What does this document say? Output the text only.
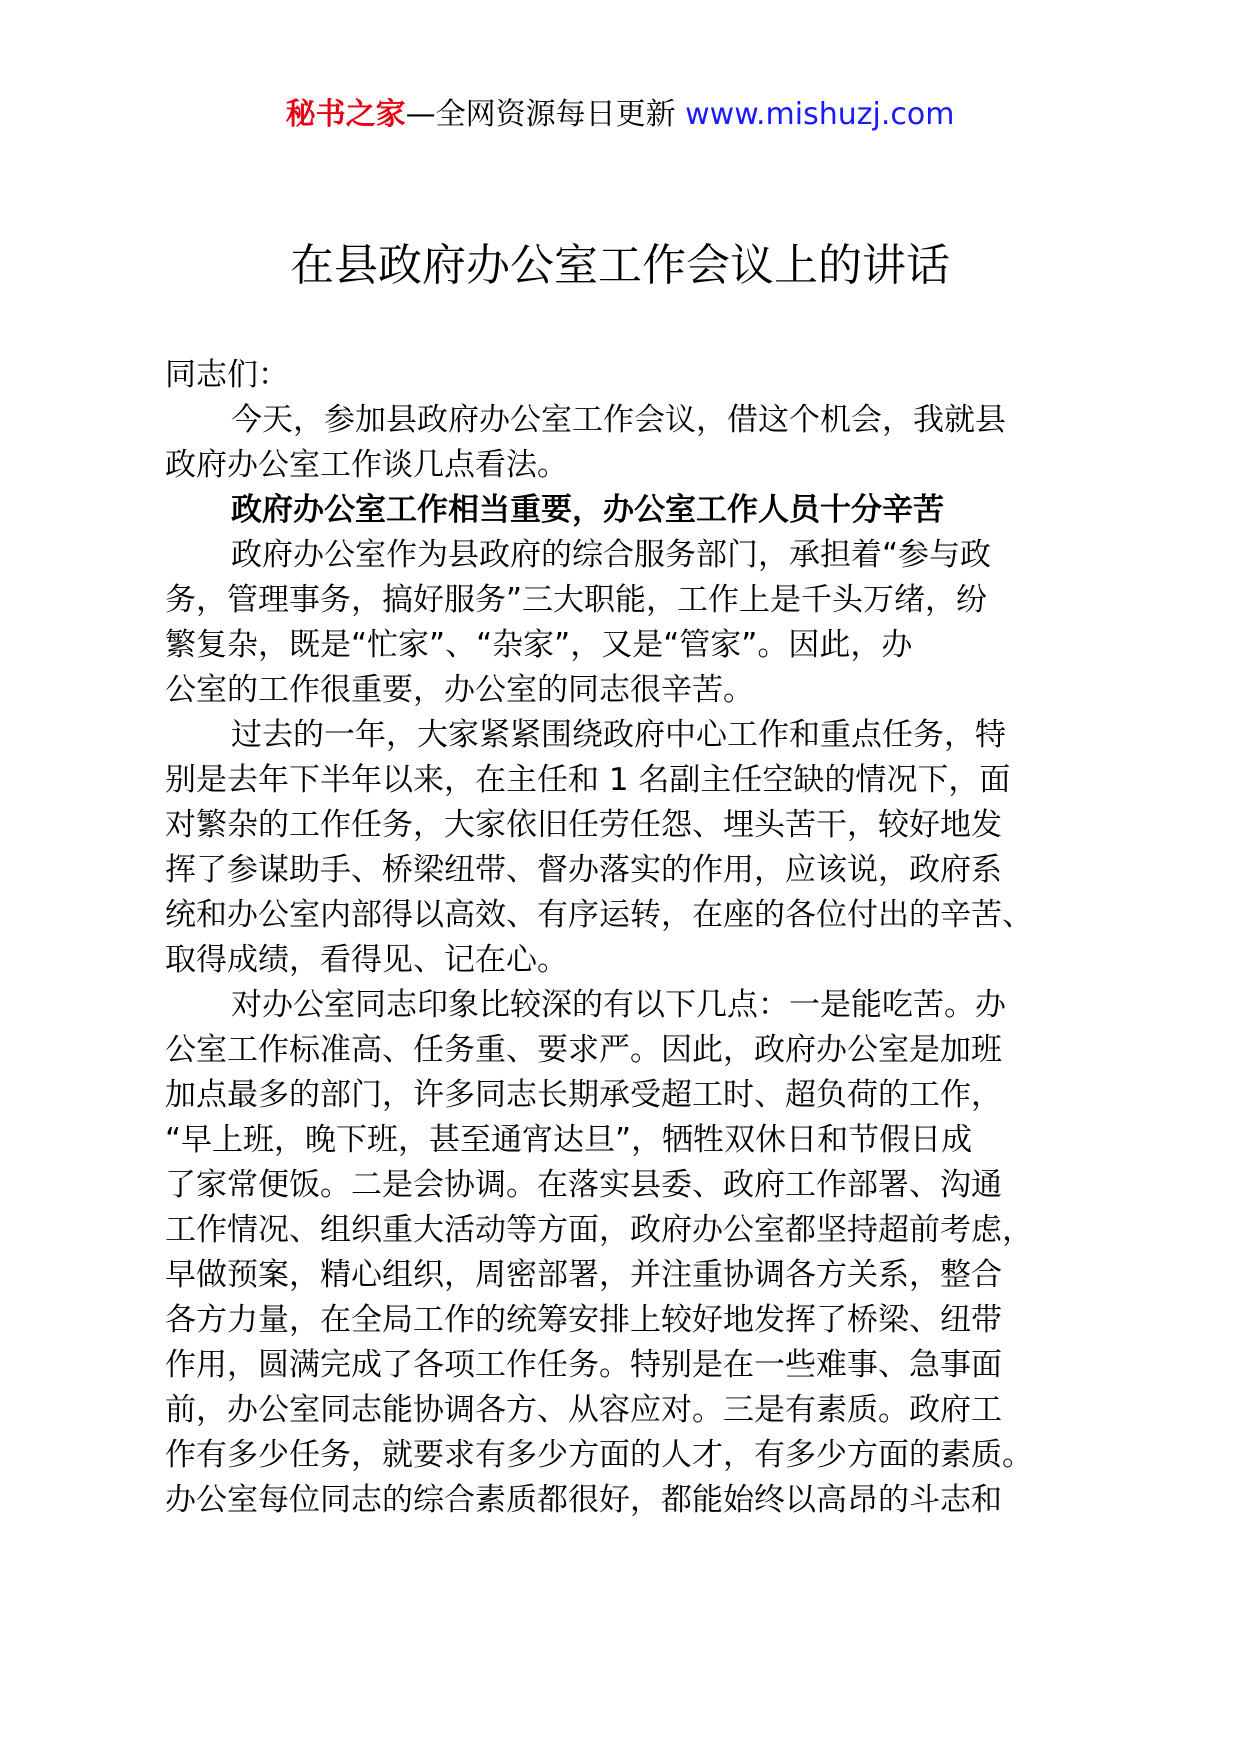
秘书之家—全网资源每日更新 www.mishuzj.com
在县政府办公室工作会议上的讲话
同志们：
今天，参加县政府办公室工作会议，借这个机会，我就县
政府办公室工作谈几点看法。
政府办公室工作相当重要，办公室工作人员十分辛苦
政府办公室作为县政府的综合服务部门，承担着“参与政
务，管理事务，搞好服务”三大职能，工作上是千头万绪，纷
繁复杂，既是“忙家”、“杂家”，又是“管家”。因此，办
公室的工作很重要，办公室的同志很辛苦。
过去的一年，大家紧紧围绕政府中心工作和重点任务，特
别是去年下半年以来，在主任和 1 名副主任空缺的情况下，面
对繁杂的工作任务，大家依旧任劳任怨、埋头苦干，较好地发
挥了参谋助手、桥梁纽带、督办落实的作用，应该说，政府系
统和办公室内部得以高效、有序运转，在座的各位付出的辛苦、
取得成绩，看得见、记在心。
对办公室同志印象比较深的有以下几点：一是能吃苦。办
公室工作标准高、任务重、要求严。因此，政府办公室是加班
加点最多的部门，许多同志长期承受超工时、超负荷的工作，
“早上班，晚下班，甚至通宵达旦”，牺牲双休日和节假日成
了家常便饭。二是会协调。在落实县委、政府工作部署、沟通
工作情况、组织重大活动等方面，政府办公室都坚持超前考虑，
早做预案，精心组织，周密部署，并注重协调各方关系，整合
各方力量，在全局工作的统筹安排上较好地发挥了桥梁、纽带
作用，圆满完成了各项工作任务。特别是在一些难事、急事面
前，办公室同志能协调各方、从容应对。三是有素质。政府工
作有多少任务，就要求有多少方面的人才，有多少方面的素质。
办公室每位同志的综合素质都很好，都能始终以高昂的斗志和
